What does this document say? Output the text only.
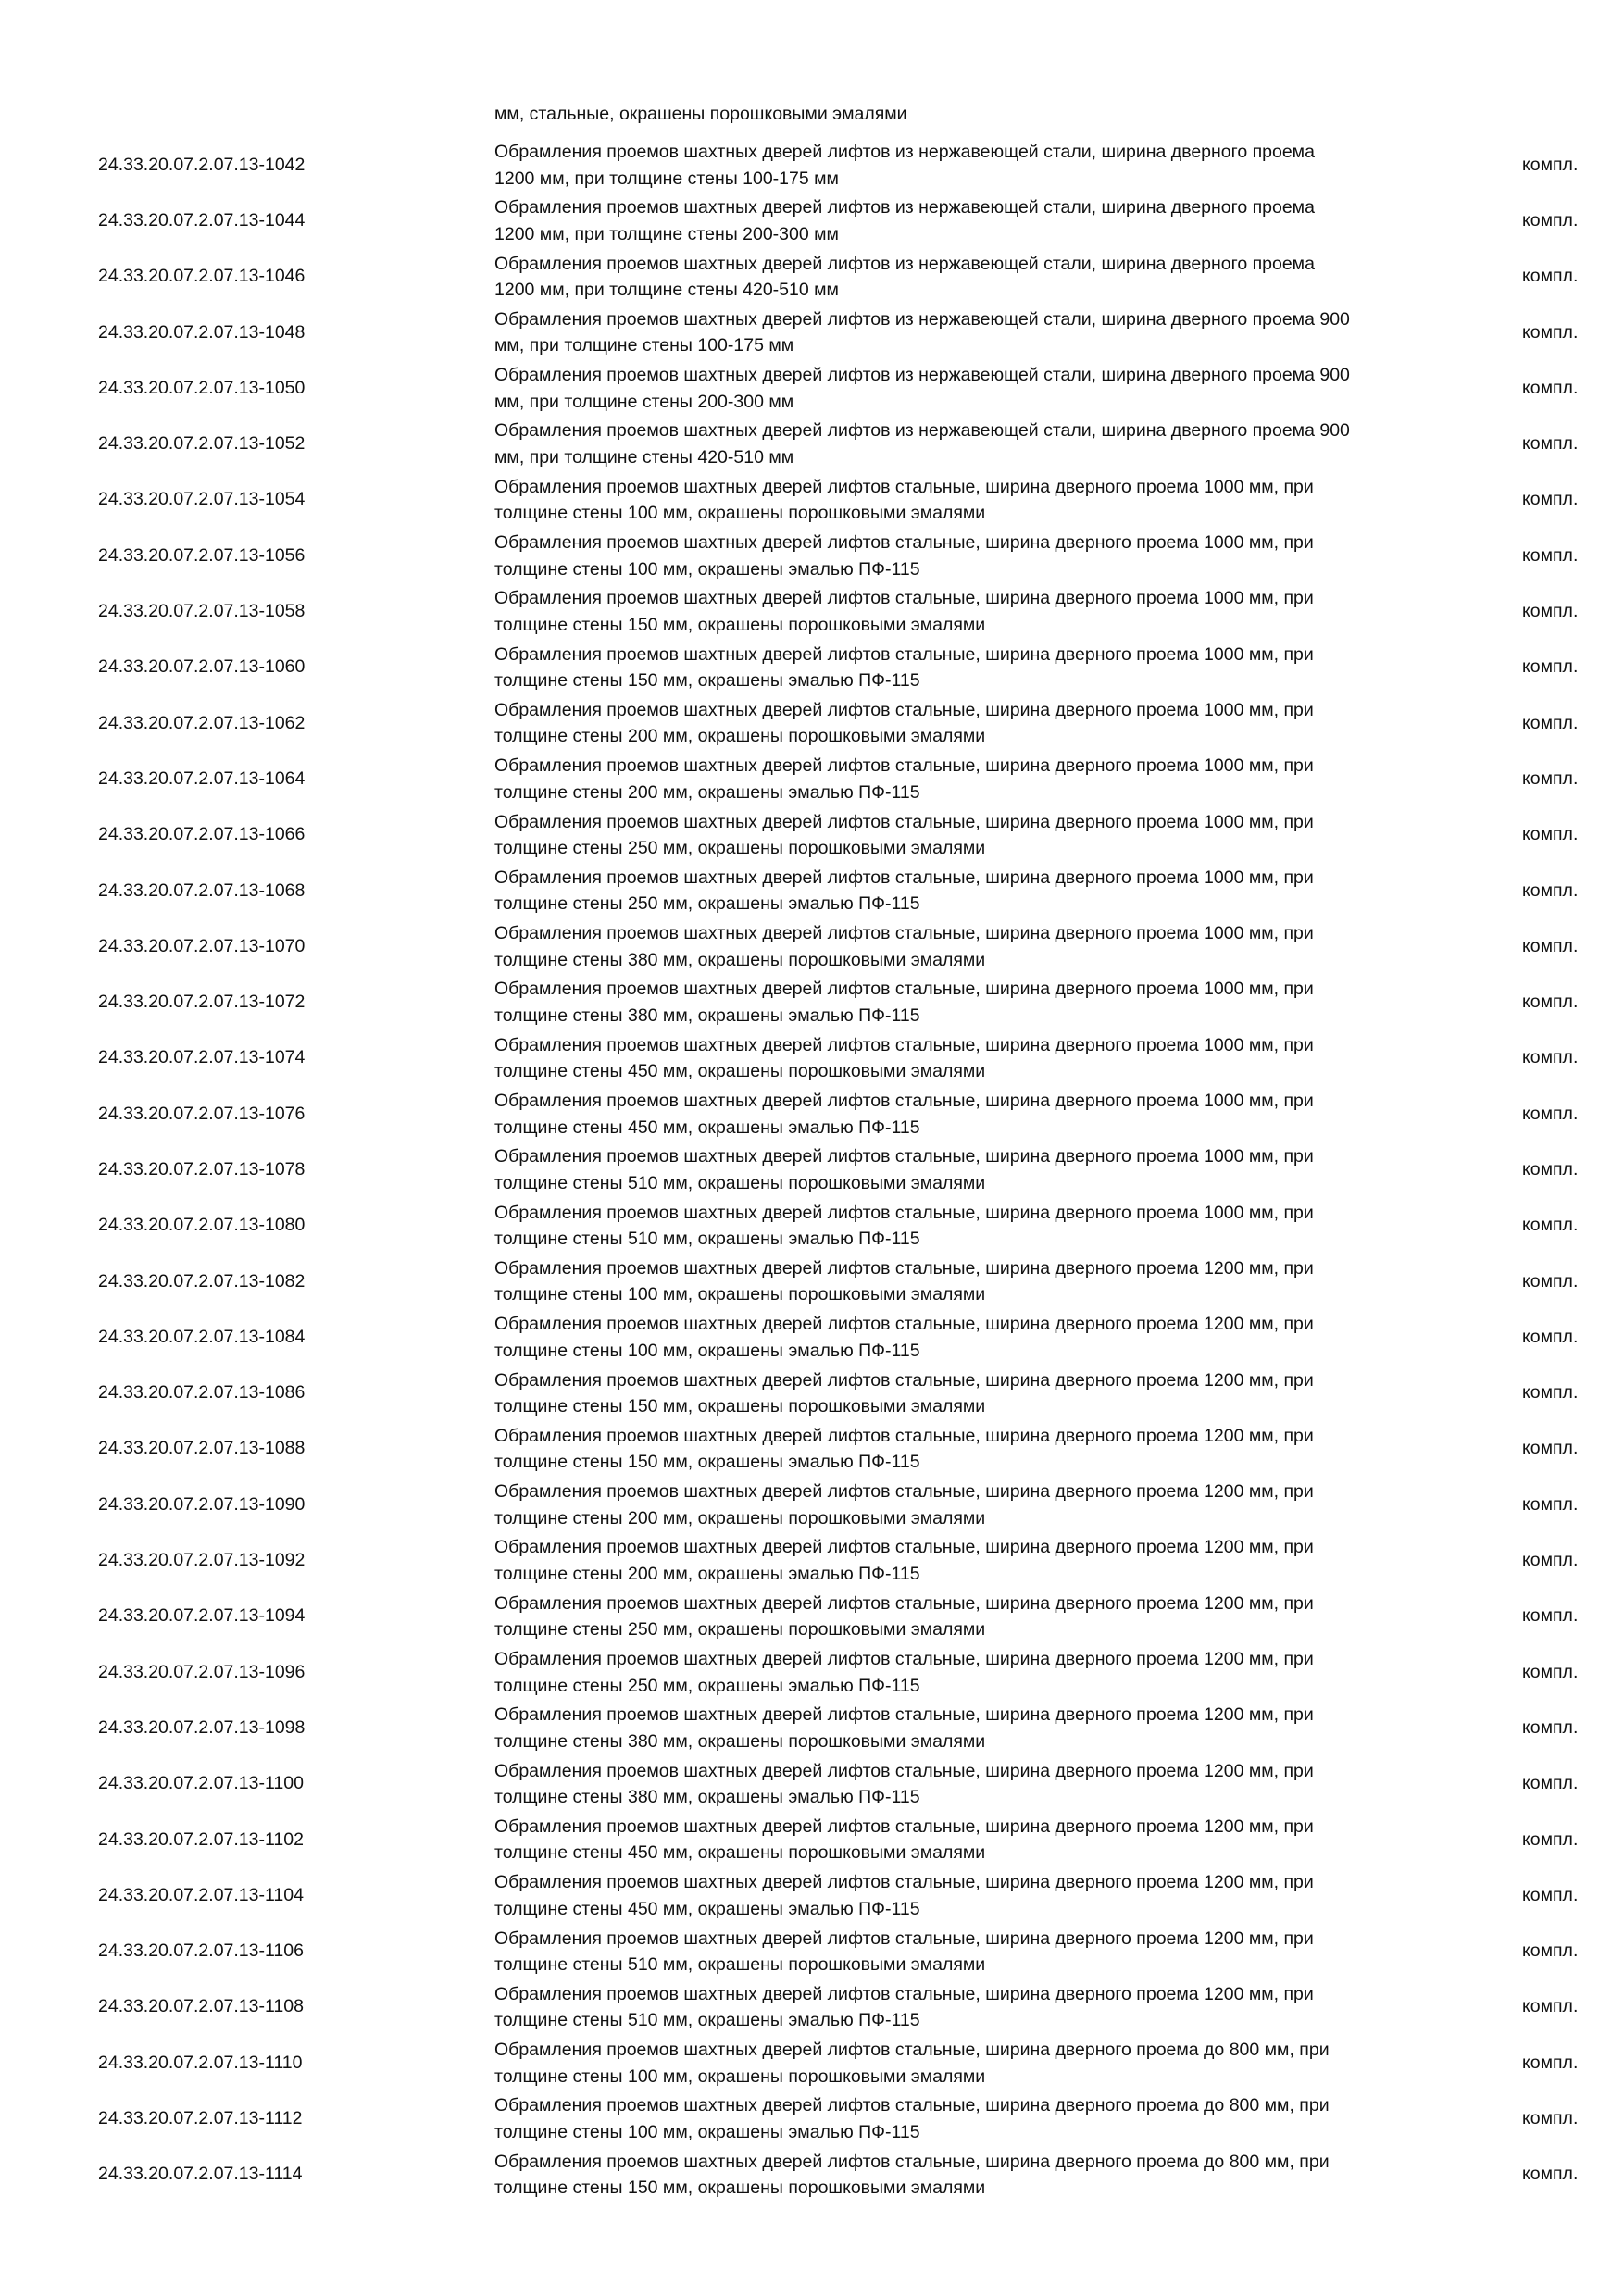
мм, стальные, окрашены порошковыми эмалями
24.33.20.07.2.07.13-1042
Обрамления проемов шахтных дверей лифтов из нержавеющей стали, ширина дверного проема
1200 мм, при толщине стены 100-175 мм
компл.
24.33.20.07.2.07.13-1044
Обрамления проемов шахтных дверей лифтов из нержавеющей стали, ширина дверного проема
1200 мм, при толщине стены 200-300 мм
компл.
24.33.20.07.2.07.13-1046
Обрамления проемов шахтных дверей лифтов из нержавеющей стали, ширина дверного проема
1200 мм, при толщине стены 420-510 мм
компл.
24.33.20.07.2.07.13-1048
Обрамления проемов шахтных дверей лифтов из нержавеющей стали, ширина дверного проема 900
мм, при толщине стены 100-175 мм
компл.
24.33.20.07.2.07.13-1050
Обрамления проемов шахтных дверей лифтов из нержавеющей стали, ширина дверного проема 900
мм, при толщине стены 200-300 мм
компл.
24.33.20.07.2.07.13-1052
Обрамления проемов шахтных дверей лифтов из нержавеющей стали, ширина дверного проема 900
мм, при толщине стены 420-510 мм
компл.
24.33.20.07.2.07.13-1054
Обрамления проемов шахтных дверей лифтов стальные, ширина дверного проема 1000 мм, при
толщине стены 100 мм, окрашены порошковыми эмалями
компл.
24.33.20.07.2.07.13-1056
Обрамления проемов шахтных дверей лифтов стальные, ширина дверного проема 1000 мм, при
толщине стены 100 мм, окрашены эмалью ПФ-115
компл.
24.33.20.07.2.07.13-1058
Обрамления проемов шахтных дверей лифтов стальные, ширина дверного проема 1000 мм, при
толщине стены 150 мм, окрашены порошковыми эмалями
компл.
24.33.20.07.2.07.13-1060
Обрамления проемов шахтных дверей лифтов стальные, ширина дверного проема 1000 мм, при
толщине стены 150 мм, окрашены эмалью ПФ-115
компл.
24.33.20.07.2.07.13-1062
Обрамления проемов шахтных дверей лифтов стальные, ширина дверного проема 1000 мм, при
толщине стены 200 мм, окрашены порошковыми эмалями
компл.
24.33.20.07.2.07.13-1064
Обрамления проемов шахтных дверей лифтов стальные, ширина дверного проема 1000 мм, при
толщине стены 200 мм, окрашены эмалью ПФ-115
компл.
24.33.20.07.2.07.13-1066
Обрамления проемов шахтных дверей лифтов стальные, ширина дверного проема 1000 мм, при
толщине стены 250 мм, окрашены порошковыми эмалями
компл.
24.33.20.07.2.07.13-1068
Обрамления проемов шахтных дверей лифтов стальные, ширина дверного проема 1000 мм, при
толщине стены 250 мм, окрашены эмалью ПФ-115
компл.
24.33.20.07.2.07.13-1070
Обрамления проемов шахтных дверей лифтов стальные, ширина дверного проема 1000 мм, при
толщине стены 380 мм, окрашены порошковыми эмалями
компл.
24.33.20.07.2.07.13-1072
Обрамления проемов шахтных дверей лифтов стальные, ширина дверного проема 1000 мм, при
толщине стены 380 мм, окрашены эмалью ПФ-115
компл.
24.33.20.07.2.07.13-1074
Обрамления проемов шахтных дверей лифтов стальные, ширина дверного проема 1000 мм, при
толщине стены 450 мм, окрашены порошковыми эмалями
компл.
24.33.20.07.2.07.13-1076
Обрамления проемов шахтных дверей лифтов стальные, ширина дверного проема 1000 мм, при
толщине стены 450 мм, окрашены эмалью ПФ-115
компл.
24.33.20.07.2.07.13-1078
Обрамления проемов шахтных дверей лифтов стальные, ширина дверного проема 1000 мм, при
толщине стены 510 мм, окрашены порошковыми эмалями
компл.
24.33.20.07.2.07.13-1080
Обрамления проемов шахтных дверей лифтов стальные, ширина дверного проема 1000 мм, при
толщине стены 510 мм, окрашены эмалью ПФ-115
компл.
24.33.20.07.2.07.13-1082
Обрамления проемов шахтных дверей лифтов стальные, ширина дверного проема 1200 мм, при
толщине стены 100 мм, окрашены порошковыми эмалями
компл.
24.33.20.07.2.07.13-1084
Обрамления проемов шахтных дверей лифтов стальные, ширина дверного проема 1200 мм, при
толщине стены 100 мм, окрашены эмалью ПФ-115
компл.
24.33.20.07.2.07.13-1086
Обрамления проемов шахтных дверей лифтов стальные, ширина дверного проема 1200 мм, при
толщине стены 150 мм, окрашены порошковыми эмалями
компл.
24.33.20.07.2.07.13-1088
Обрамления проемов шахтных дверей лифтов стальные, ширина дверного проема 1200 мм, при
толщине стены 150 мм, окрашены эмалью ПФ-115
компл.
24.33.20.07.2.07.13-1090
Обрамления проемов шахтных дверей лифтов стальные, ширина дверного проема 1200 мм, при
толщине стены 200 мм, окрашены порошковыми эмалями
компл.
24.33.20.07.2.07.13-1092
Обрамления проемов шахтных дверей лифтов стальные, ширина дверного проема 1200 мм, при
толщине стены 200 мм, окрашены эмалью ПФ-115
компл.
24.33.20.07.2.07.13-1094
Обрамления проемов шахтных дверей лифтов стальные, ширина дверного проема 1200 мм, при
толщине стены 250 мм, окрашены порошковыми эмалями
компл.
24.33.20.07.2.07.13-1096
Обрамления проемов шахтных дверей лифтов стальные, ширина дверного проема 1200 мм, при
толщине стены 250 мм, окрашены эмалью ПФ-115
компл.
24.33.20.07.2.07.13-1098
Обрамления проемов шахтных дверей лифтов стальные, ширина дверного проема 1200 мм, при
толщине стены 380 мм, окрашены порошковыми эмалями
компл.
24.33.20.07.2.07.13-1100
Обрамления проемов шахтных дверей лифтов стальные, ширина дверного проема 1200 мм, при
толщине стены 380 мм, окрашены эмалью ПФ-115
компл.
24.33.20.07.2.07.13-1102
Обрамления проемов шахтных дверей лифтов стальные, ширина дверного проема 1200 мм, при
толщине стены 450 мм, окрашены порошковыми эмалями
компл.
24.33.20.07.2.07.13-1104
Обрамления проемов шахтных дверей лифтов стальные, ширина дверного проема 1200 мм, при
толщине стены 450 мм, окрашены эмалью ПФ-115
компл.
24.33.20.07.2.07.13-1106
Обрамления проемов шахтных дверей лифтов стальные, ширина дверного проема 1200 мм, при
толщине стены 510 мм, окрашены порошковыми эмалями
компл.
24.33.20.07.2.07.13-1108
Обрамления проемов шахтных дверей лифтов стальные, ширина дверного проема 1200 мм, при
толщине стены 510 мм, окрашены эмалью ПФ-115
компл.
24.33.20.07.2.07.13-1110
Обрамления проемов шахтных дверей лифтов стальные, ширина дверного проема до 800 мм, при
толщине стены 100 мм, окрашены порошковыми эмалями
компл.
24.33.20.07.2.07.13-1112
Обрамления проемов шахтных дверей лифтов стальные, ширина дверного проема до 800 мм, при
толщине стены 100 мм, окрашены эмалью ПФ-115
компл.
24.33.20.07.2.07.13-1114
Обрамления проемов шахтных дверей лифтов стальные, ширина дверного проема до 800 мм, при
толщине стены 150 мм, окрашены порошковыми эмалями
компл.
